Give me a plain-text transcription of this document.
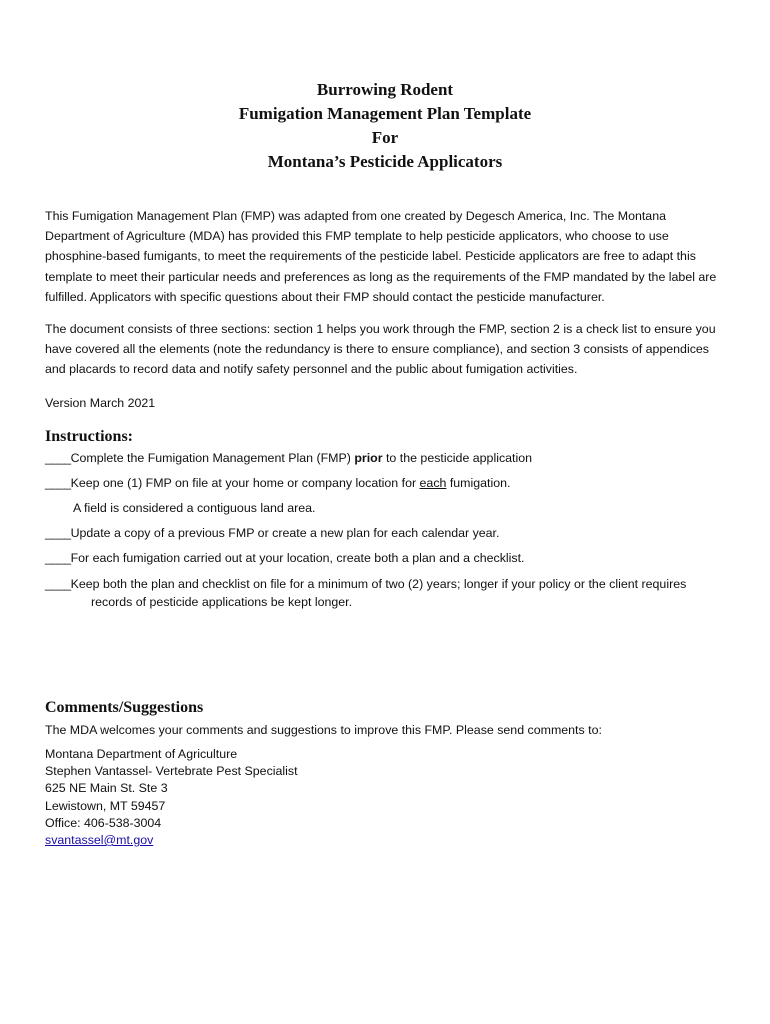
Burrowing Rodent
Fumigation Management Plan Template
For
Montana’s Pesticide Applicators

This Fumigation Management Plan (FMP) was adapted from one created by Degesch America, Inc. The Montana Department of Agriculture (MDA) has provided this FMP template to help pesticide applicators, who choose to use phosphine-based fumigants, to meet the requirements of the pesticide label. Pesticide applicators are free to adapt this template to meet their particular needs and preferences as long as the requirements of the FMP mandated by the label are fulfilled. Applicators with specific questions about their FMP should contact the pesticide manufacturer.

The document consists of three sections: section 1 helps you work through the FMP, section 2 is a check list to ensure you have covered all the elements (note the redundancy is there to ensure compliance), and section 3 consists of appendices and placards to record data and notify safety personnel and the public about fumigation activities.

Version March 2021

Instructions:
____Complete the Fumigation Management Plan (FMP) prior to the pesticide application
____Keep one (1) FMP on file at your home or company location for each fumigation.
A field is considered a contiguous land area.
____Update a copy of a previous FMP or create a new plan for each calendar year.
____For each fumigation carried out at your location, create both a plan and a checklist.
____Keep both the plan and checklist on file for a minimum of two (2) years; longer if your policy or the client requires
records of pesticide applications be kept longer.
Comments/Suggestions

The MDA welcomes your comments and suggestions to improve this FMP. Please send comments to:

Montana Department of Agriculture
Stephen Vantassel- Vertebrate Pest Specialist
625 NE Main St. Ste 3
Lewistown, MT 59457
Office: 406-538-3004
svantassel@mt.gov
